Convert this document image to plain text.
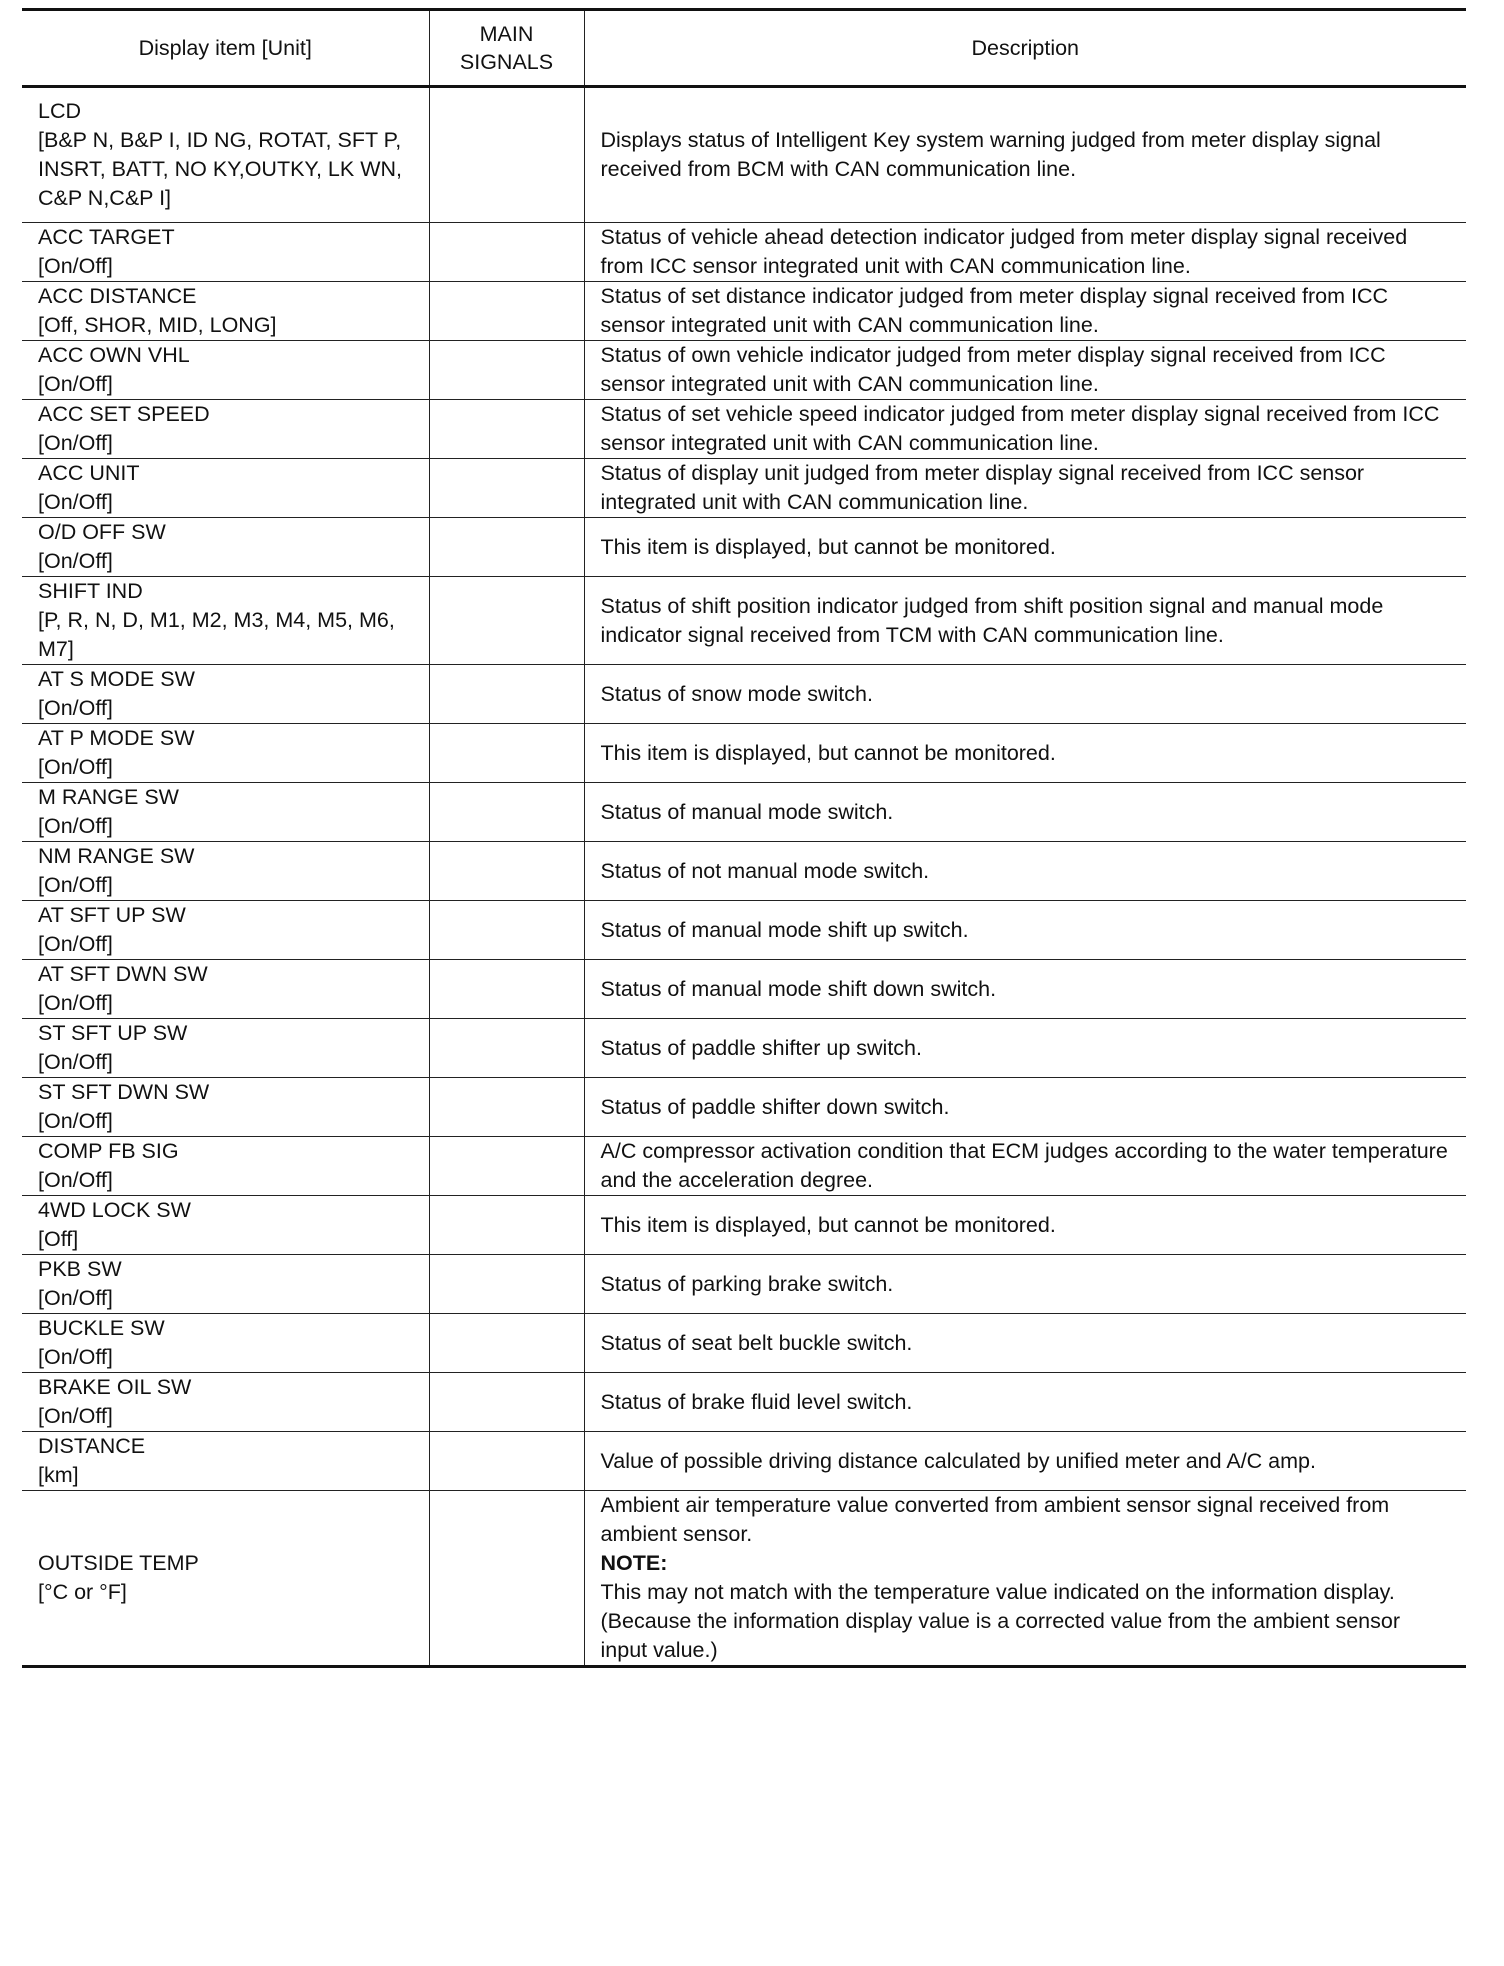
Display item [Unit]	MAIN SIGNALS	Description

LCD
[B&P N, B&P I, ID NG, ROTAT, SFT P, INSRT, BATT, NO KY,OUTKY, LK WN, C&P N,C&P I]		Displays status of Intelligent Key system warning judged from meter display signal received from BCM with CAN communication line.

ACC TARGET
[On/Off]		Status of vehicle ahead detection indicator judged from meter display signal received from ICC sensor integrated unit with CAN communication line.

ACC DISTANCE
[Off, SHOR, MID, LONG]		Status of set distance indicator judged from meter display signal received from ICC sensor integrated unit with CAN communication line.

ACC OWN VHL
[On/Off]		Status of own vehicle indicator judged from meter display signal received from ICC sensor integrated unit with CAN communication line.

ACC SET SPEED
[On/Off]		Status of set vehicle speed indicator judged from meter display signal received from ICC sensor integrated unit with CAN communication line.

ACC UNIT
[On/Off]		Status of display unit judged from meter display signal received from ICC sensor integrated unit with CAN communication line.

O/D OFF SW
[On/Off]		This item is displayed, but cannot be monitored.

SHIFT IND
[P, R, N, D, M1, M2, M3, M4, M5, M6, M7]		Status of shift position indicator judged from shift position signal and manual mode indicator signal received from TCM with CAN communication line.

AT S MODE SW
[On/Off]		Status of snow mode switch.

AT P MODE SW
[On/Off]		This item is displayed, but cannot be monitored.

M RANGE SW
[On/Off]		Status of manual mode switch.

NM RANGE SW
[On/Off]		Status of not manual mode switch.

AT SFT UP SW
[On/Off]		Status of manual mode shift up switch.

AT SFT DWN SW
[On/Off]		Status of manual mode shift down switch.

ST SFT UP SW
[On/Off]		Status of paddle shifter up switch.

ST SFT DWN SW
[On/Off]		Status of paddle shifter down switch.

COMP FB SIG
[On/Off]		A/C compressor activation condition that ECM judges according to the water temperature and the acceleration degree.

4WD LOCK SW
[Off]		This item is displayed, but cannot be monitored.

PKB SW
[On/Off]		Status of parking brake switch.

BUCKLE SW
[On/Off]		Status of seat belt buckle switch.

BRAKE OIL SW
[On/Off]		Status of brake fluid level switch.

DISTANCE
[km]		Value of possible driving distance calculated by unified meter and A/C amp.

OUTSIDE TEMP
[°C or °F]		Ambient air temperature value converted from ambient sensor signal received from ambient sensor.
NOTE:
This may not match with the temperature value indicated on the information display. (Because the information display value is a corrected value from the ambient sensor input value.)
